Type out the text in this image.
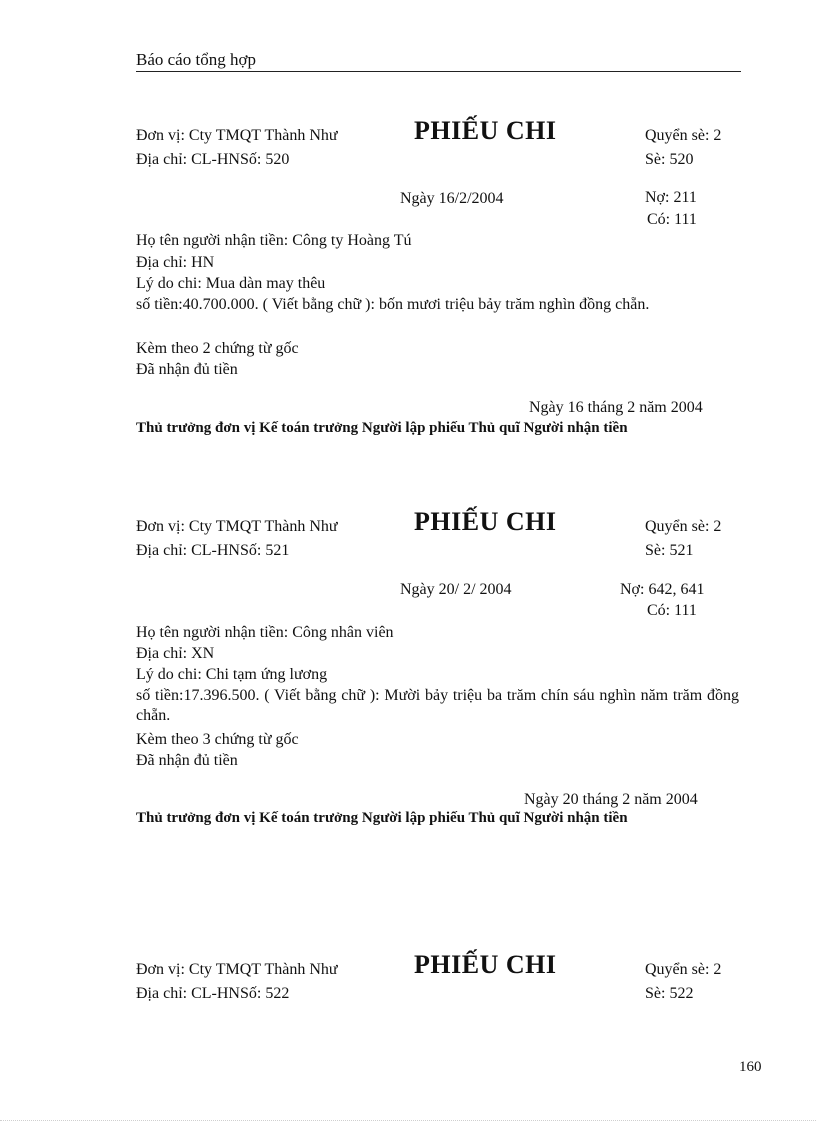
Báo cáo tổng hợp
Đơn vị: Cty TMQT Thành Như	PHIẾU CHI	Quyển sè: 2
Địa chỉ: CL-HNSố: 520	Sè: 520
Ngày 16/2/2004	Nợ: 211
Có: 111
Họ tên người nhận tiền: Công ty Hoàng Tú
Địa chỉ: HN
Lý do chi: Mua dàn may thêu
số tiền:40.700.000. ( Viết bằng chữ ): bốn mươi triệu bảy trăm nghìn đồng chẵn.
Kèm theo 2 chứng từ gốc
Đã nhận đủ tiền
Ngày 16 tháng 2 năm 2004
Thủ trưởng đơn vị Kế toán trưởng Người lập phiếu Thủ quĩ Người nhận tiền
Đơn vị: Cty TMQT Thành Như	PHIẾU CHI	Quyển sè: 2
Địa chỉ: CL-HNSố: 521	Sè: 521
Ngày 20/ 2/ 2004	Nợ: 642, 641
Có: 111
Họ tên người nhận tiền: Công nhân viên
Địa chỉ: XN
Lý do chi: Chi tạm ứng lương
số tiền:17.396.500. ( Viết bằng chữ ): Mười bảy triệu ba trăm chín sáu nghìn năm trăm đồng chẵn.
Kèm theo 3 chứng từ gốc
Đã nhận đủ tiền
Ngày 20 tháng 2 năm 2004
Thủ trưởng đơn vị Kế toán trưởng Người lập phiếu Thủ quĩ Người nhận tiền
Đơn vị: Cty TMQT Thành Như	PHIẾU CHI	Quyển sè: 2
Địa chỉ: CL-HNSố: 522	Sè: 522
160
